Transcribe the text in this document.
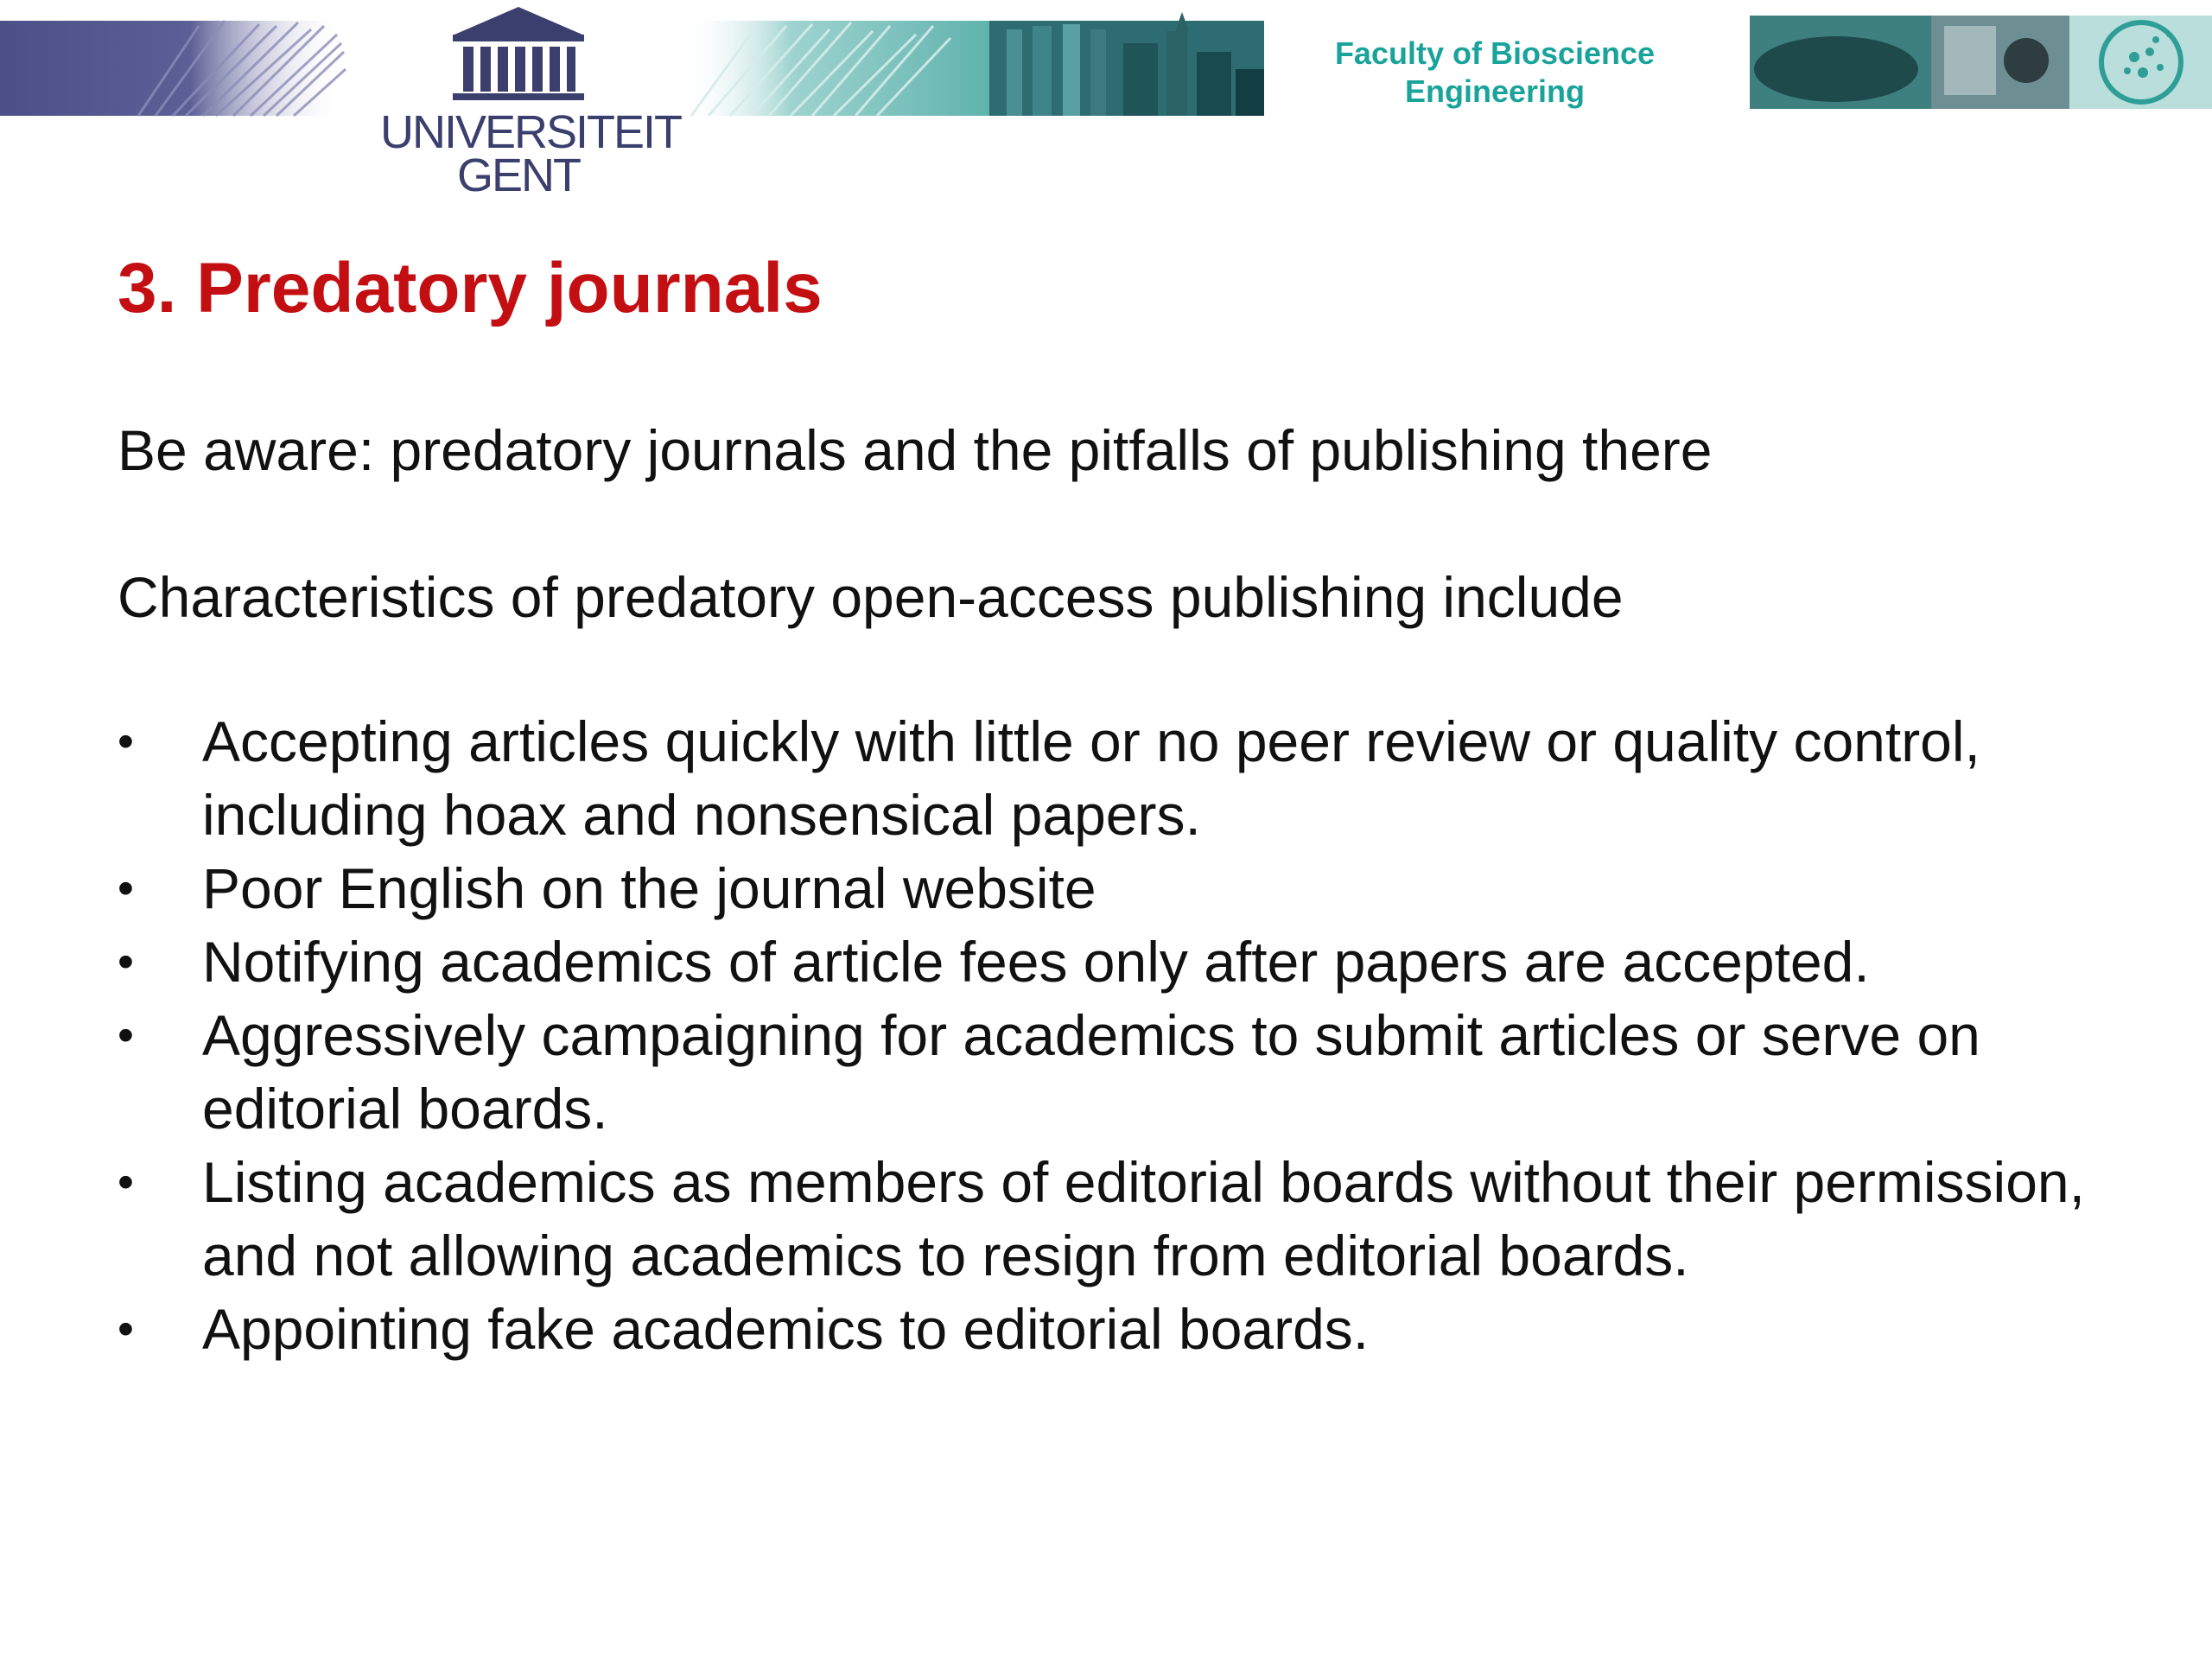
UNIVERSITEIT
GENT
Faculty of Bioscience
Engineering
3. Predatory journals
Be aware: predatory journals and the pitfalls of publishing there
Characteristics of predatory open-access publishing include
•	Accepting articles quickly with little or no peer review or quality control, including hoax and nonsensical papers.
•	Poor English on the journal website
•	Notifying academics of article fees only after papers are accepted.
•	Aggressively campaigning for academics to submit articles or serve on editorial boards.
•	Listing academics as members of editorial boards without their permission, and not allowing academics to resign from editorial boards.
•	Appointing fake academics to editorial boards.
